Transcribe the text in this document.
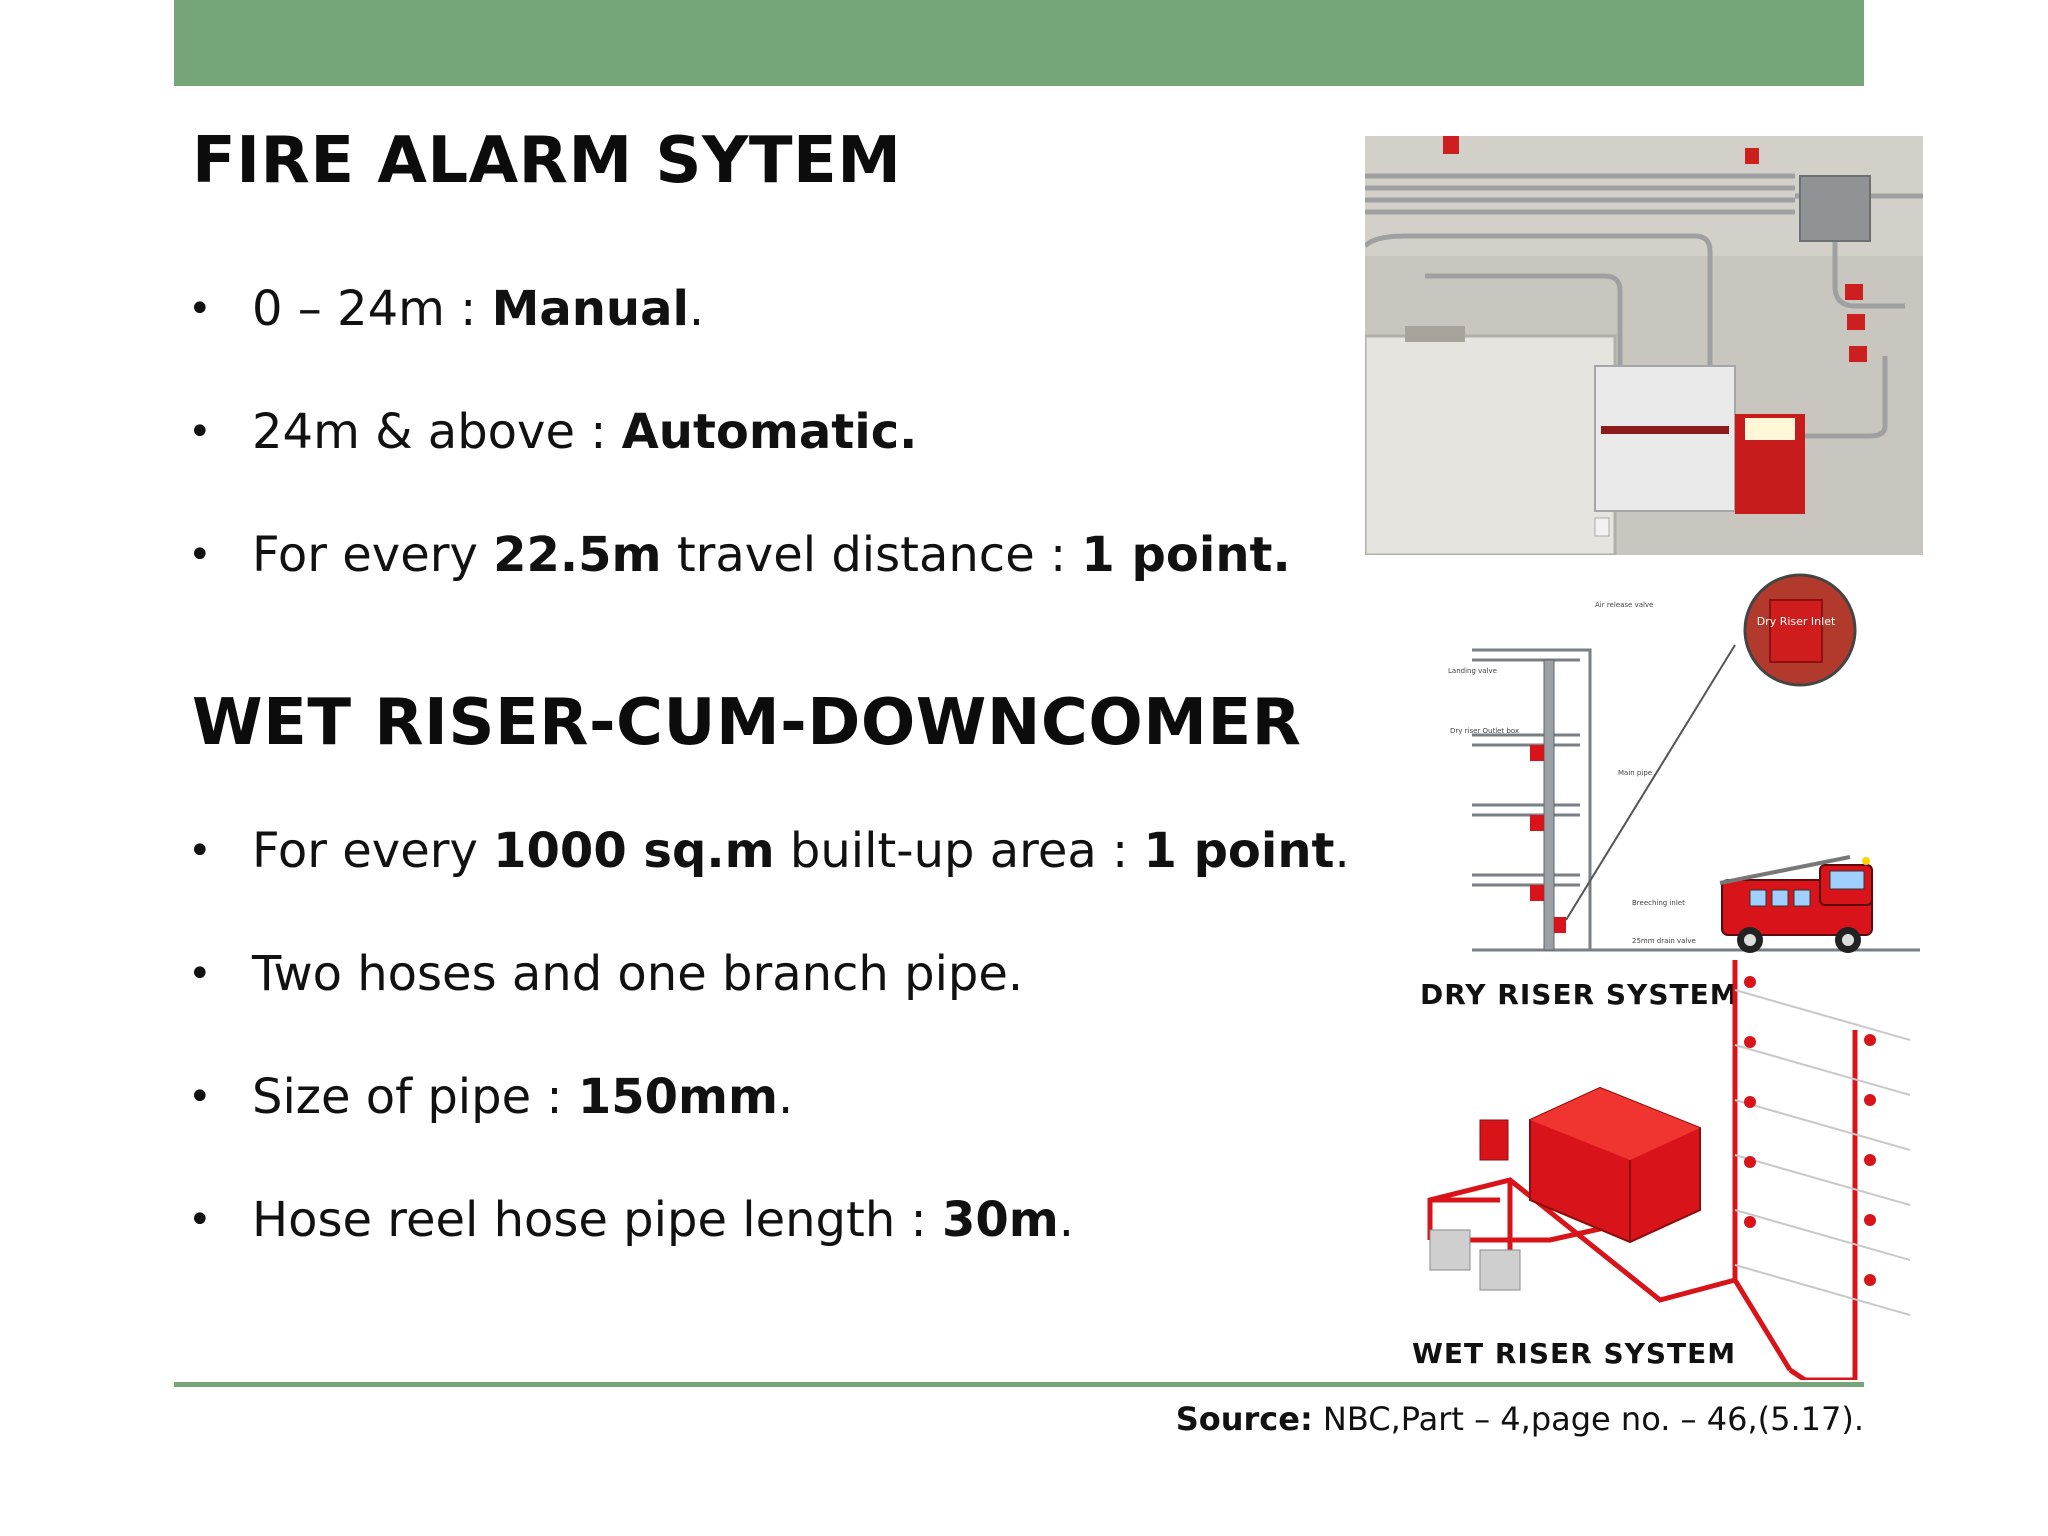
FIRE ALARM SYTEM
• 0 – 24m : Manual.
• 24m & above : Automatic.
• For every 22.5m travel distance : 1 point.
WET RISER-CUM-DOWNCOMER
• For every 1000 sq.m built-up area : 1 point.
• Two hoses and one branch pipe.
• Size of pipe : 150mm.
• Hose reel hose pipe length : 30m.
Dry Riser Inlet
Air release valve
Landing valve
Dry riser Outlet box
Main pipe
Breeching inlet
25mm drain valve
DRY RISER SYSTEM
WET RISER SYSTEM
Source: NBC,Part – 4,page no. – 46,(5.17).
